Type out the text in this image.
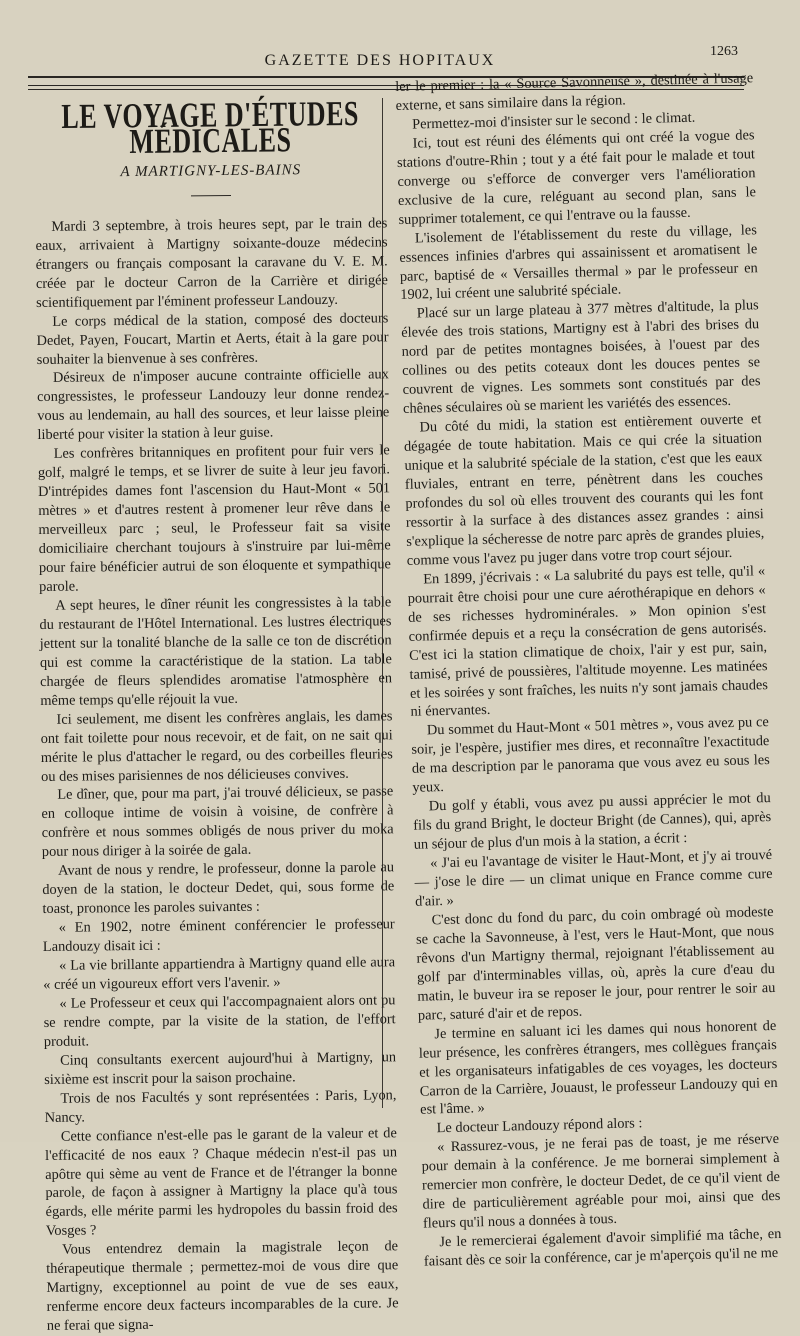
GAZETTE DES HOPITAUX
1263
LE VOYAGE D'ÉTUDES MÉDICALES
A MARTIGNY-LES-BAINS

Mardi 3 septembre, à trois heures sept, par le train des eaux, arrivaient à Martigny soixante-douze médecins étrangers ou français composant la caravane du V. E. M. créée par le docteur Carron de la Carrière et dirigée scientifiquement par l'éminent professeur Landouzy.

Le corps médical de la station, composé des docteurs Dedet, Payen, Foucart, Martin et Aerts, était à la gare pour souhaiter la bienvenue à ses confrères.

Désireux de n'imposer aucune contrainte officielle aux congressistes, le professeur Landouzy leur donne rendez-vous au lendemain, au hall des sources, et leur laisse pleine liberté pour visiter la station à leur guise.

Les confrères britanniques en profitent pour fuir vers le golf, malgré le temps, et se livrer de suite à leur jeu favori. D'intrépides dames font l'ascension du Haut-Mont « 501 mètres » et d'autres restent à promener leur rêve dans le merveilleux parc ; seul, le Professeur fait sa visite domiciliaire cherchant toujours à s'instruire par lui-même pour faire bénéficier autrui de son éloquente et sympathique parole.

A sept heures, le dîner réunit les congressistes à la table du restaurant de l'Hôtel International. Les lustres électriques jettent sur la tonalité blanche de la salle ce ton de discrétion qui est comme la caractéristique de la station. La table chargée de fleurs splendides aromatise l'atmosphère en même temps qu'elle réjouit la vue.

Ici seulement, me disent les confrères anglais, les dames ont fait toilette pour nous recevoir, et de fait, on ne sait qui mérite le plus d'attacher le regard, ou des corbeilles fleuries ou des mises parisiennes de nos délicieuses convives.

Le dîner, que, pour ma part, j'ai trouvé délicieux, se passe en colloque intime de voisin à voisine, de confrère à confrère et nous sommes obligés de nous priver du moka pour nous diriger à la soirée de gala.

Avant de nous y rendre, le professeur, donne la parole au doyen de la station, le docteur Dedet, qui, sous forme de toast, prononce les paroles suivantes :

« En 1902, notre éminent conférencier le professeur Landouzy disait ici :

« La vie brillante appartiendra à Martigny quand elle aura « créé un vigoureux effort vers l'avenir. »

« Le Professeur et ceux qui l'accompagnaient alors ont pu se rendre compte, par la visite de la station, de l'effort produit.

Cinq consultants exercent aujourd'hui à Martigny, un sixième est inscrit pour la saison prochaine.

Trois de nos Facultés y sont représentées : Paris, Lyon, Nancy.

Cette confiance n'est-elle pas le garant de la valeur et de l'efficacité de nos eaux ? Chaque médecin n'est-il pas un apôtre qui sème au vent de France et de l'étranger la bonne parole, de façon à assigner à Martigny la place qu'à tous égards, elle mérite parmi les hydropoles du bassin froid des Vosges ?

Vous entendrez demain la magistrale leçon de thérapeutique thermale ; permettez-moi de vous dire que Martigny, exceptionnel au point de vue de ses eaux, renferme encore deux facteurs incomparables de la cure. Je ne ferai que signa-

ler le premier : la « Source Savonneuse », destinée à l'usage externe, et sans similaire dans la région.

Permettez-moi d'insister sur le second : le climat.

Ici, tout est réuni des éléments qui ont créé la vogue des stations d'outre-Rhin ; tout y a été fait pour le malade et tout converge ou s'efforce de converger vers l'amélioration exclusive de la cure, reléguant au second plan, sans le supprimer totalement, ce qui l'entrave ou la fausse.

L'isolement de l'établissement du reste du village, les essences infinies d'arbres qui assainissent et aromatisent le parc, baptisé de « Versailles thermal » par le professeur en 1902, lui créent une salubrité spéciale.

Placé sur un large plateau à 377 mètres d'altitude, la plus élevée des trois stations, Martigny est à l'abri des brises du nord par de petites montagnes boisées, à l'ouest par des collines ou des petits coteaux dont les douces pentes se couvrent de vignes. Les sommets sont constitués par des chênes séculaires où se marient les variétés des essences.

Du côté du midi, la station est entièrement ouverte et dégagée de toute habitation. Mais ce qui crée la situation unique et la salubrité spéciale de la station, c'est que les eaux fluviales, entrant en terre, pénètrent dans les couches profondes du sol où elles trouvent des courants qui les font ressortir à la surface à des distances assez grandes : ainsi s'explique la sécheresse de notre parc après de grandes pluies, comme vous l'avez pu juger dans votre trop court séjour.

En 1899, j'écrivais : « La salubrité du pays est telle, qu'il « pourrait être choisi pour une cure aérothérapique en dehors « de ses richesses hydrominérales. » Mon opinion s'est confirmée depuis et a reçu la consécration de gens autorisés. C'est ici la station climatique de choix, l'air y est pur, sain, tamisé, privé de poussières, l'altitude moyenne. Les matinées et les soirées y sont fraîches, les nuits n'y sont jamais chaudes ni énervantes.

Du sommet du Haut-Mont « 501 mètres », vous avez pu ce soir, je l'espère, justifier mes dires, et reconnaître l'exactitude de ma description par le panorama que vous avez eu sous les yeux.

Du golf y établi, vous avez pu aussi apprécier le mot du fils du grand Bright, le docteur Bright (de Cannes), qui, après un séjour de plus d'un mois à la station, a écrit :

« J'ai eu l'avantage de visiter le Haut-Mont, et j'y ai trouvé — j'ose le dire — un climat unique en France comme cure d'air. »

C'est donc du fond du parc, du coin ombragé où modeste se cache la Savonneuse, à l'est, vers le Haut-Mont, que nous rêvons d'un Martigny thermal, rejoignant l'établissement au golf par d'interminables villas, où, après la cure d'eau du matin, le buveur ira se reposer le jour, pour rentrer le soir au parc, saturé d'air et de repos.

Je termine en saluant ici les dames qui nous honorent de leur présence, les confrères étrangers, mes collègues français et les organisateurs infatigables de ces voyages, les docteurs Carron de la Carrière, Jouaust, le professeur Landouzy qui en est l'âme. »

Le docteur Landouzy répond alors :

« Rassurez-vous, je ne ferai pas de toast, je me réserve pour demain à la conférence. Je me bornerai simplement à remercier mon confrère, le docteur Dedet, de ce qu'il vient de dire de particulièrement agréable pour moi, ainsi que des fleurs qu'il nous a données à tous.

Je le remercierai également d'avoir simplifié ma tâche, en faisant dès ce soir la conférence, car je m'aperçois qu'il ne me
